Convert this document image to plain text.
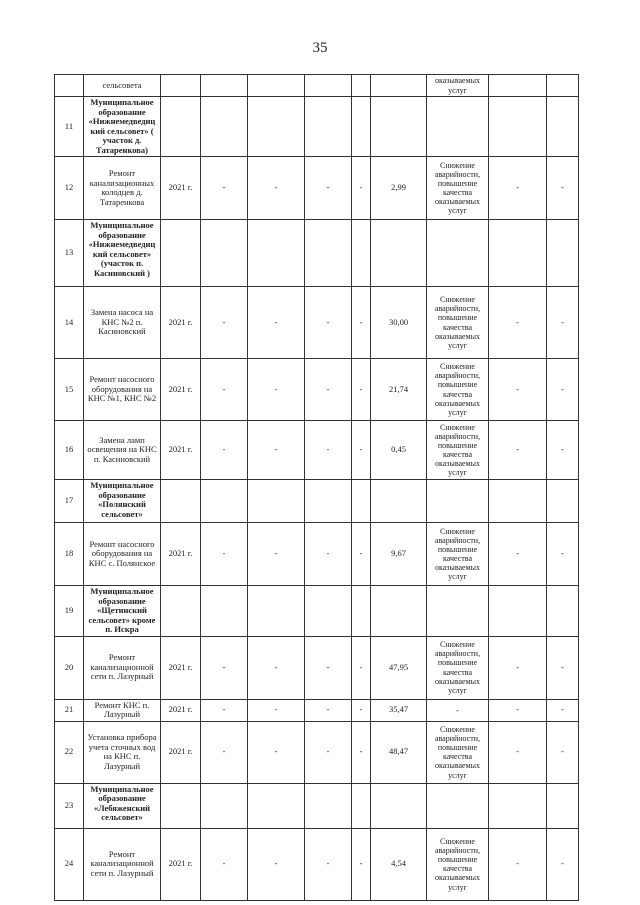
35
	сельсовета							оказываемых услуг		
11	Муниципальное образование «Нижнемедведиц кий сельсовет» ( участок д. Татаренкова)									
12	Ремонт канализационных колодцев д. Татаренкова	2021 г.	-	-	-	-	2,99	Снижение аварийности, повышение качества оказываемых услуг	-	-
13	Муниципальное образование «Нижнемедведиц кий сельсовет» (участок п. Касиновский )									
14	Замена насоса на КНС №2 п. Касиновский	2021 г.	-	-	-	-	30,00	Снижение аварийности, повышение качества оказываемых услуг	-	-
15	Ремонт насосного оборудования на КНС №1, КНС №2	2021 г.	-	-	-	-	21,74	Снижение аварийности, повышение качества оказываемых услуг	-	-
16	Замена ламп освещения на КНС п. Касиновский	2021 г.	-	-	-	-	0,45	Снижение аварийности, повышение качества оказываемых услуг	-	-
17	Муниципальное образование «Полянский сельсовет»									
18	Ремонт насосного оборудования на КНС с. Полянское	2021 г.	-	-	-	-	9,67	Снижение аварийности, повышение качества оказываемых услуг	-	-
19	Муниципальное образование «Щетинский сельсовет» кроме п. Искра									
20	Ремонт канализационной сети п. Лазурный	2021 г.	-	-	-	-	47,95	Снижение аварийности, повышение качества оказываемых услуг	-	-
21	Ремонт КНС п. Лазурный	2021 г.	-	-	-	-	35,47	-	-	-
22	Установка прибора учета сточных вод на КНС п. Лазурный	2021 г.	-	-	-	-	48,47	Снижение аварийности, повышение качества оказываемых услуг	-	-
23	Муниципальное образование «Лебяженский сельсовет»									
24	Ремонт канализационной сети п. Лазурный	2021 г.	-	-	-	-	4,54	Снижение аварийности, повышение качества оказываемых услуг	-	-
